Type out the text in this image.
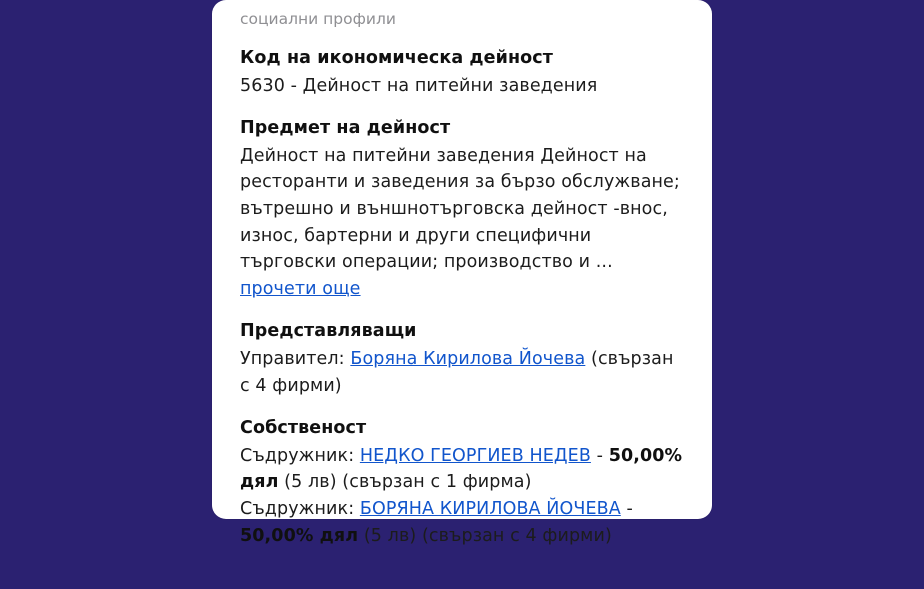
социални профили
Код на икономическа дейност
5630 - Дейност на питейни заведения
Предмет на дейност
Дейност на питейни заведения Дейност на ресторанти и заведения за бързо обслужване; вътрешно и външнотърговска дейност -внос, износ, бартерни и други специфични търговски операции; производство и ... прочети още
Представляващи
Управител: Боряна Кирилова Йочева (свързан с 4 фирми)
Собственост
Съдружник: НЕДКО ГЕОРГИЕВ НЕДЕВ - 50,00% дял (5 лв) (свързан с 1 фирма)
Съдружник: БОРЯНА КИРИЛОВА ЙОЧЕВА - 50,00% дял (5 лв) (свързан с 4 фирми)
